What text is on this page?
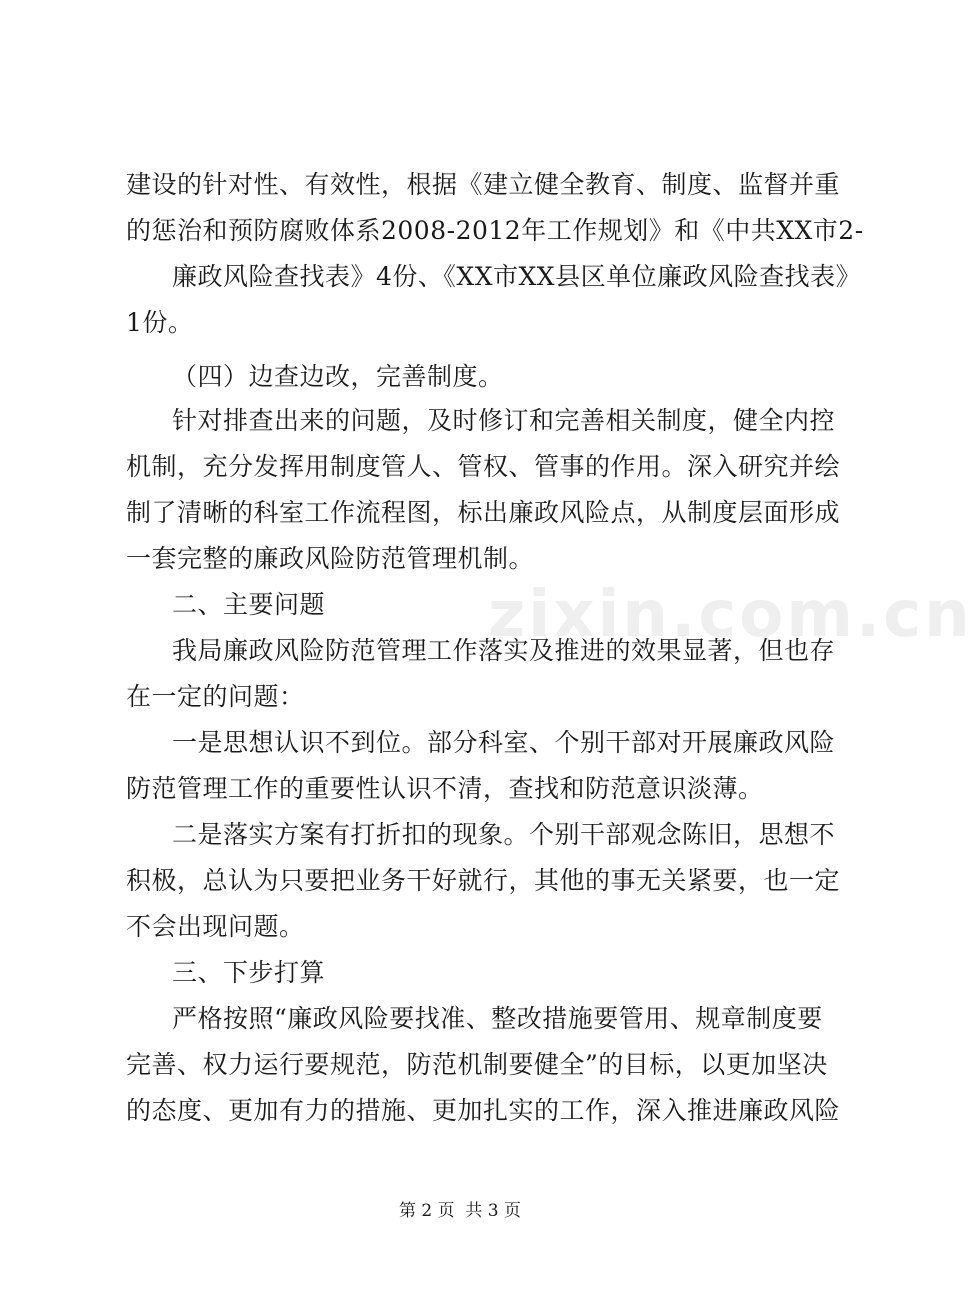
建设的针对性、有效性，根据《建立健全教育、制度、监督并重
的惩治和预防腐败体系2008-2012年工作规划》和《中共XX市2-
廉政风险查找表》4份、《XX市XX县区单位廉政风险查找表》
1份。
（四）边查边改，完善制度。
针对排查出来的问题，及时修订和完善相关制度，健全内控
机制，充分发挥用制度管人、管权、管事的作用。深入研究并绘
制了清晰的科室工作流程图，标出廉政风险点，从制度层面形成
一套完整的廉政风险防范管理机制。
二、主要问题
我局廉政风险防范管理工作落实及推进的效果显著，但也存
在一定的问题：
一是思想认识不到位。部分科室、个别干部对开展廉政风险
防范管理工作的重要性认识不清，查找和防范意识淡薄。
二是落实方案有打折扣的现象。个别干部观念陈旧，思想不
积极，总认为只要把业务干好就行，其他的事无关紧要，也一定
不会出现问题。
三、下步打算
严格按照“廉政风险要找准、整改措施要管用、规章制度要
完善、权力运行要规范，防范机制要健全”的目标，以更加坚决
的态度、更加有力的措施、更加扎实的工作，深入推进廉政风险
zixin.com.cn
第 2 页  共 3 页
